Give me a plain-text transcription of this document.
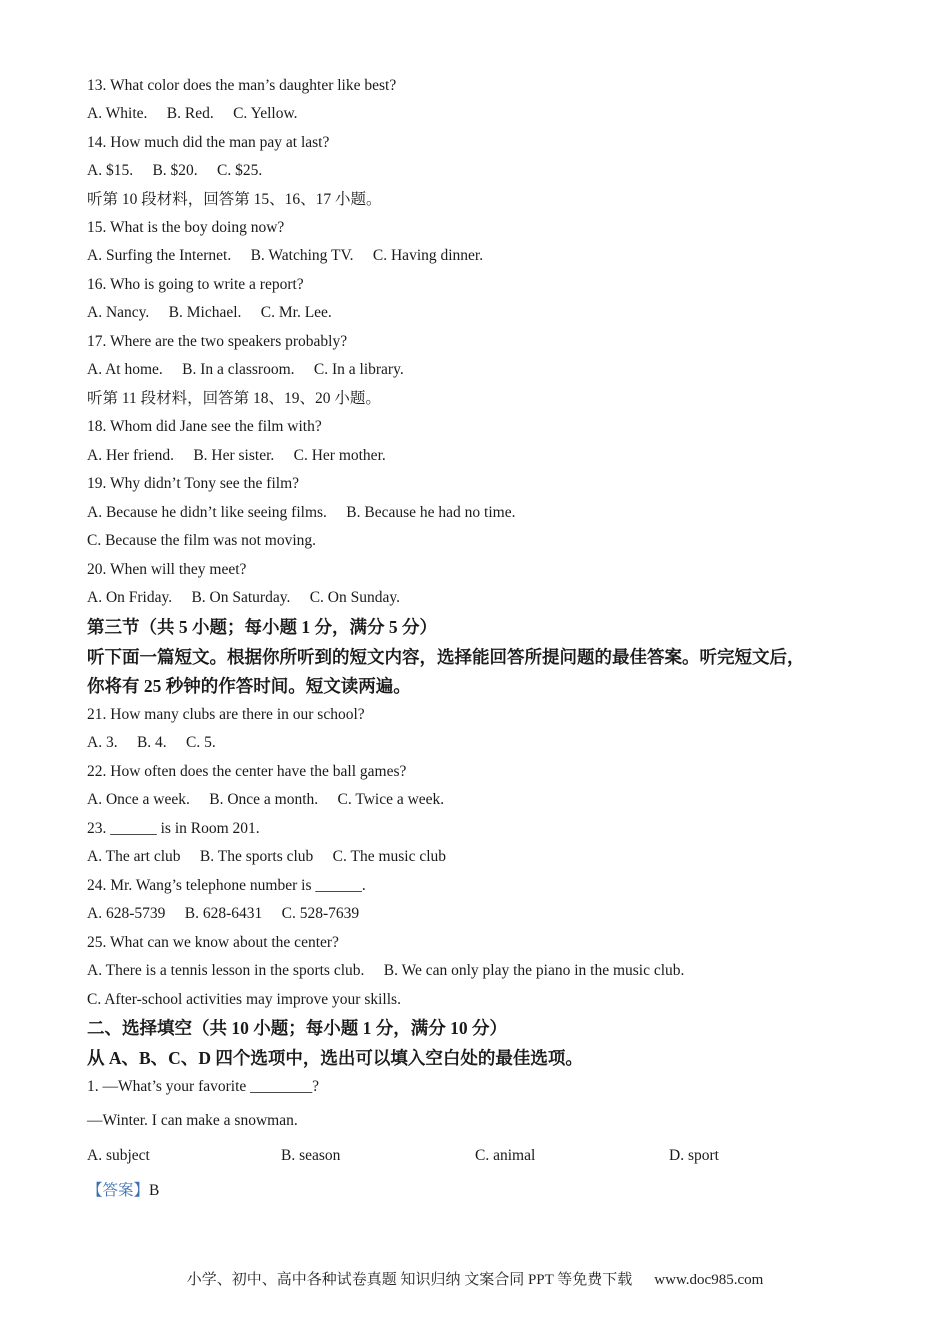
13. What color does the man’s daughter like best?
A. White.  B. Red.  C. Yellow.
14. How much did the man pay at last?
A. $15.  B. $20.  C. $25.
听第 10 段材料，回答第 15、16、17 小题。
15. What is the boy doing now?
A. Surfing the Internet.  B. Watching TV.  C. Having dinner.
16. Who is going to write a report?
A. Nancy.  B. Michael.  C. Mr. Lee.
17. Where are the two speakers probably?
A. At home.  B. In a classroom.  C. In a library.
听第 11 段材料，回答第 18、19、20 小题。
18. Whom did Jane see the film with?
A. Her friend.  B. Her sister.  C. Her mother.
19. Why didn’t Tony see the film?
A. Because he didn’t like seeing films.  B. Because he had no time.
C. Because the film was not moving.
20. When will they meet?
A. On Friday.  B. On Saturday.  C. On Sunday.
第三节（共 5 小题；每小题 1 分，满分 5 分）
听下面一篇短文。根据你所听到的短文内容，选择能回答所提问题的最佳答案。听完短文后，
你将有 25 秒钟的作答时间。短文读两遍。
21. How many clubs are there in our school?
A. 3.  B. 4.  C. 5.
22. How often does the center have the ball games?
A. Once a week.  B. Once a month.  C. Twice a week.
23. ______ is in Room 201.
A. The art club  B. The sports club  C. The music club
24. Mr. Wang’s telephone number is ______.
A. 628-5739  B. 628-6431  C. 528-7639
25. What can we know about the center?
A. There is a tennis lesson in the sports club.  B. We can only play the piano in the music club.
C. After-school activities may improve your skills.
二、选择填空（共 10 小题；每小题 1 分，满分 10 分）
从 A、B、C、D 四个选项中，选出可以填入空白处的最佳选项。
1. —What’s your favorite ________?
—Winter. I can make a snowman.
A. subject	B. season	C. animal	D. sport
【答案】B
小学、初中、高中各种试卷真题 知识归纳 文案合同 PPT 等免费下载 www.doc985.com
